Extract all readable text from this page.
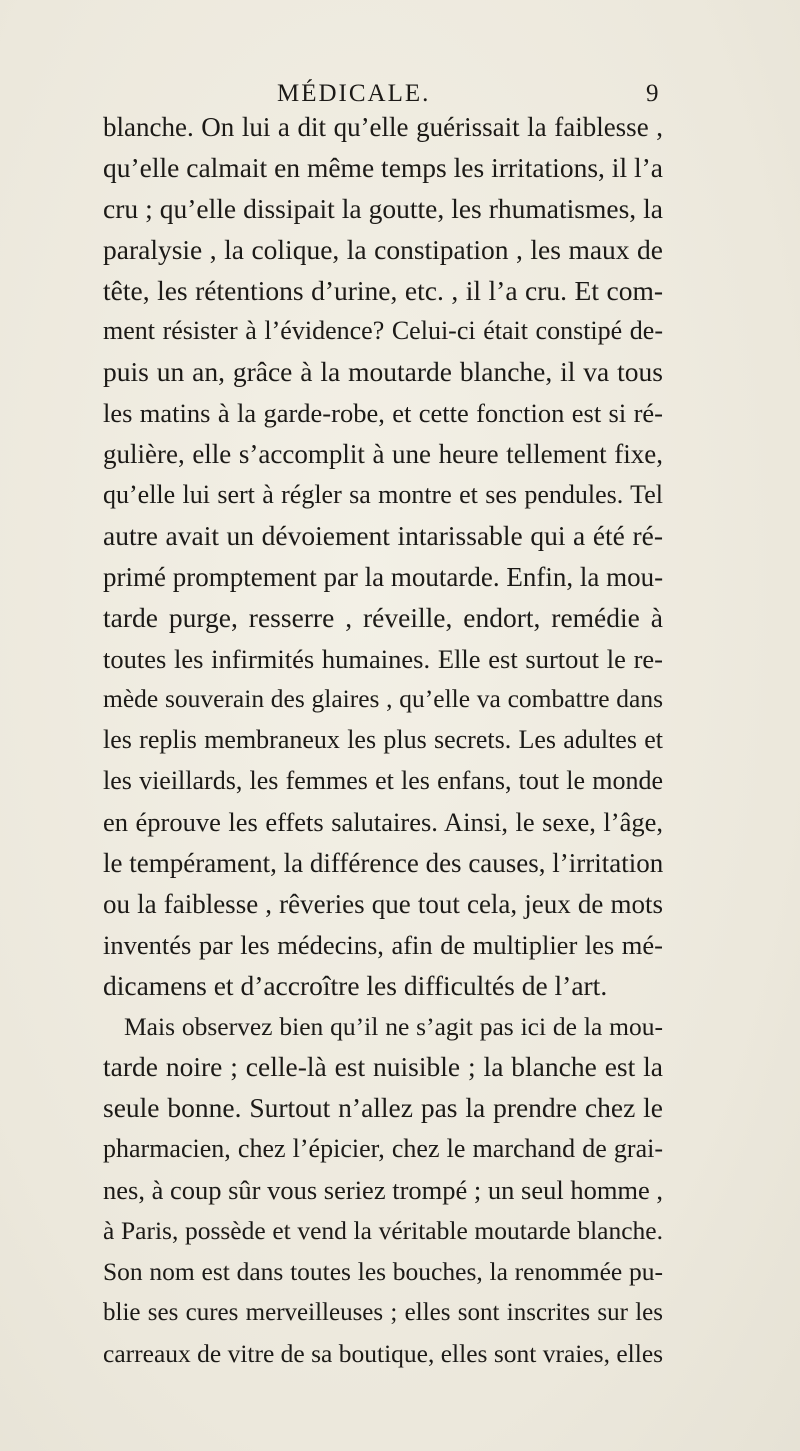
MÉDICALE.	9
blanche. On lui a dit qu’elle guérissait la faiblesse ,
qu’elle calmait en même temps les irritations, il l’a
cru ; qu’elle dissipait la goutte, les rhumatismes, la
paralysie , la colique, la constipation , les maux de
tête, les rétentions d’urine, etc. , il l’a cru. Et com-
ment résister à l’évidence? Celui-ci était constipé de-
puis un an, grâce à la moutarde blanche, il va tous
les matins à la garde-robe, et cette fonction est si ré-
gulière, elle s’accomplit à une heure tellement fixe,
qu’elle lui sert à régler sa montre et ses pendules. Tel
autre avait un dévoiement intarissable qui a été ré-
primé promptement par la moutarde. Enfin, la mou-
tarde purge, resserre , réveille, endort, remédie à
toutes les infirmités humaines. Elle est surtout le re-
mède souverain des glaires , qu’elle va combattre dans
les replis membraneux les plus secrets. Les adultes et
les vieillards, les femmes et les enfans, tout le monde
en éprouve les effets salutaires. Ainsi, le sexe, l’âge,
le tempérament, la différence des causes, l’irritation
ou la faiblesse , rêveries que tout cela, jeux de mots
inventés par les médecins, afin de multiplier les mé-
dicamens et d’accroître les difficultés de l’art.
Mais observez bien qu’il ne s’agit pas ici de la mou-
tarde noire ; celle-là est nuisible ; la blanche est la
seule bonne. Surtout n’allez pas la prendre chez le
pharmacien, chez l’épicier, chez le marchand de grai-
nes, à coup sûr vous seriez trompé ; un seul homme ,
à Paris, possède et vend la véritable moutarde blanche.
Son nom est dans toutes les bouches, la renommée pu-
blie ses cures merveilleuses ; elles sont inscrites sur les
carreaux de vitre de sa boutique, elles sont vraies, elles
